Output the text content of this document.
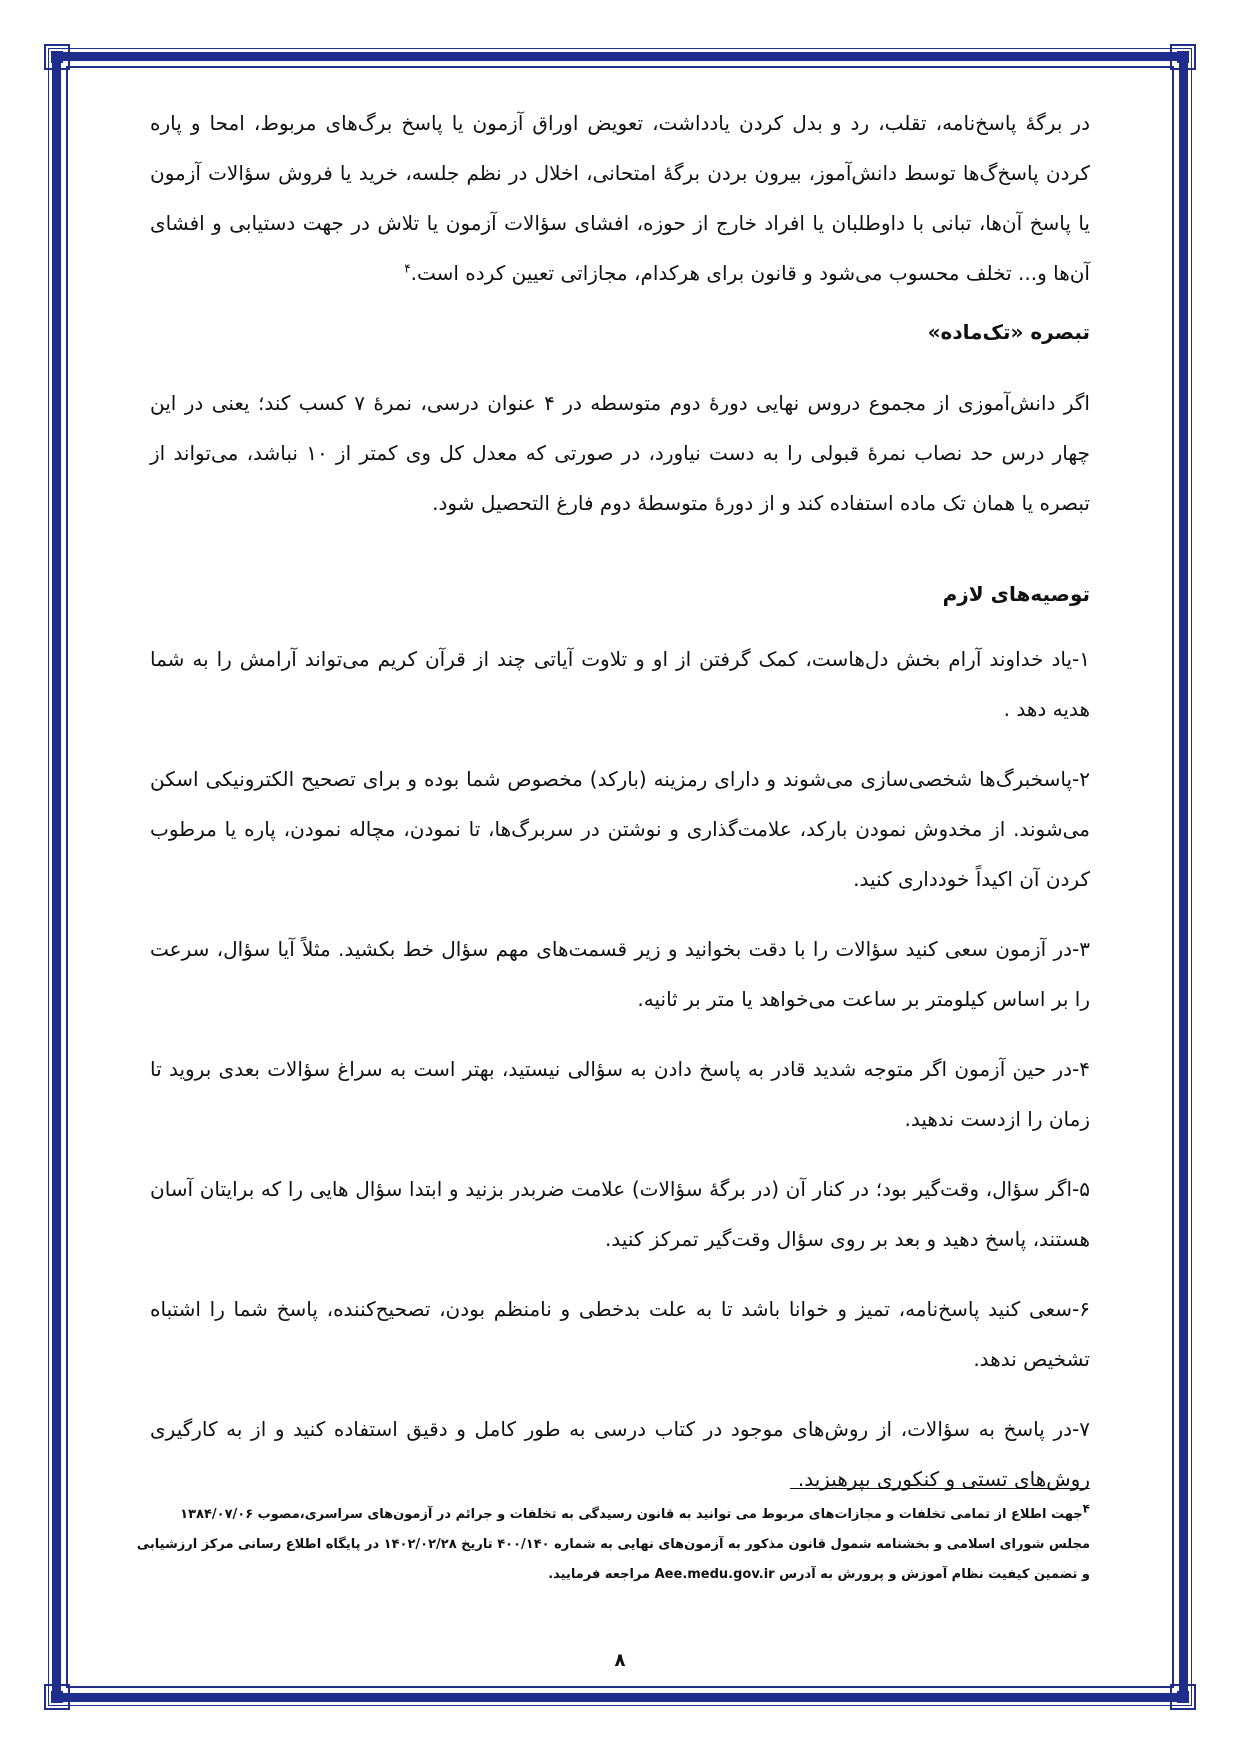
در برگهٔ پاسخ‌نامه، تقلب، رد و بدل کردن یادداشت، تعویض اوراق آزمون یا پاسخ برگ‌های مربوط، امحا و پاره کردن پاسخ‌گ‌ها توسط دانش‌آموز، بیرون بردن برگهٔ امتحانی، اخلال در نظم جلسه، خرید یا فروش سؤالات آزمون یا پاسخ آن‌ها، تبانی با داوطلبان یا افراد خارج از حوزه، افشای سؤالات آزمون یا تلاش در جهت دستیابی و افشای آن‌ها و... تخلف محسوب می‌شود و قانون برای هرکدام، مجازاتی تعیین کرده است.$^۴$

تبصره «تک‌ماده»

اگر دانش‌آموزی از مجموع دروس نهایی دورهٔ دوم متوسطه در ۴ عنوان درسی، نمرهٔ ۷ کسب کند؛ یعنی در این چهار درس حد نصاب نمرهٔ قبولی را به دست نیاورد، در صورتی که معدل کل وی کمتر از ۱۰ نباشد، می‌تواند از تبصره یا همان تک ماده استفاده کند و از دورهٔ متوسطهٔ دوم فارغ التحصیل شود.

توصیه‌های لازم

۱-یاد خداوند آرام بخش دل‌هاست، کمک گرفتن از او و تلاوت آیاتی چند از قرآن کریم می‌تواند آرامش را به شما هدیه دهد .

۲-پاسخبرگ‌ها شخصی‌سازی می‌شوند و دارای رمزینه (بارکد) مخصوص شما بوده و برای تصحیح الکترونیکی اسکن می‌شوند. از مخدوش نمودن بارکد، علامت‌گذاری و نوشتن در سربرگ‌ها، تا نمودن، مچاله نمودن، پاره یا مرطوب کردن آن اکیداً خودداری کنید.

۳-در آزمون سعی کنید سؤالات را با دقت بخوانید و زیر قسمت‌های مهم سؤال خط بکشید. مثلاً آیا سؤال، سرعت را بر اساس کیلومتر بر ساعت می‌خواهد یا متر بر ثانیه.

۴-در حین آزمون اگر متوجه شدید قادر به پاسخ دادن به سؤالی نیستید، بهتر است به سراغ سؤالات بعدی بروید تا زمان را ازدست ندهید.

۵-اگر سؤال، وقت‌گیر بود؛ در کنار آن (در برگهٔ سؤالات) علامت ضربدر بزنید و ابتدا سؤال هایی را که برایتان آسان هستند، پاسخ دهید و بعد بر روی سؤال وقت‌گیر تمرکز کنید.

۶-سعی کنید پاسخ‌نامه، تمیز و خوانا باشد تا به علت بدخطی و نامنظم بودن، تصحیح‌کننده، پاسخ شما را اشتباه تشخیص ندهد.

۷-در پاسخ به سؤالات، از روش‌های موجود در کتاب درسی به طور کامل و دقیق استفاده کنید و از به کارگیری روش‌های تستی و کنکوری بپرهیزید.

$^۴$جهت اطلاع از تمامی تخلفات و مجازات‌های مربوط می توانید به قانون رسیدگی به تخلفات و جرائم در آزمون‌های سراسری،مصوب ۱۳۸۴/۰۷/۰۶
مجلس شورای اسلامی و بخشنامه شمول قانون مذکور به آزمون‌های نهایی به شماره ۴۰۰/۱۴۰ تاریخ ۱۴۰۲/۰۲/۲۸ در پایگاه اطلاع رسانی مرکز ارزشیابی
و تضمین کیفیت نظام آموزش و پرورش به آدرس Aee.medu.gov.ir مراجعه فرمایید.
۸
